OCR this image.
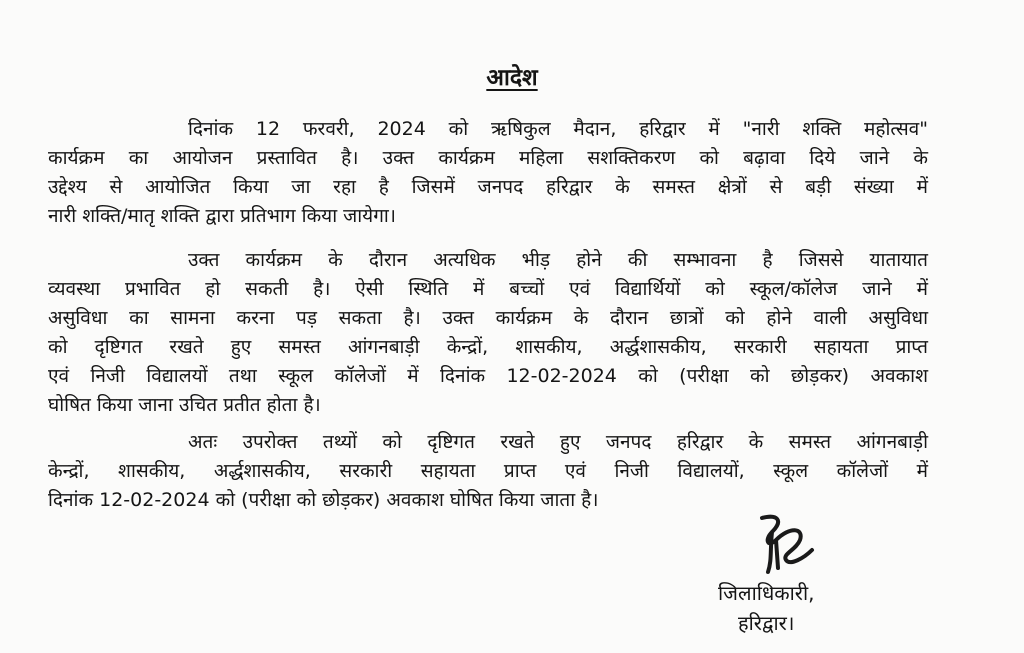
आदेश
दिनांक 12 फरवरी, 2024 को ऋषिकुल मैदान, हरिद्वार में "नारी शक्ति महोत्सव"
कार्यक्रम का आयोजन प्रस्तावित है। उक्त कार्यक्रम महिला सशक्तिकरण को बढ़ावा दिये जाने के
उद्देश्य से आयोजित किया जा रहा है जिसमें जनपद हरिद्वार के समस्त क्षेत्रों से बड़ी संख्या में
नारी शक्ति/मातृ शक्ति द्वारा प्रतिभाग किया जायेगा।
उक्त कार्यक्रम के दौरान अत्यधिक भीड़ होने की सम्भावना है जिससे यातायात
व्यवस्था प्रभावित हो सकती है। ऐसी स्थिति में बच्चों एवं विद्यार्थियों को स्कूल/कॉलेज जाने में
असुविधा का सामना करना पड़ सकता है। उक्त कार्यक्रम के दौरान छात्रों को होने वाली असुविधा
को दृष्टिगत रखते हुए समस्त आंगनबाड़ी केन्द्रों, शासकीय, अर्द्धशासकीय, सरकारी सहायता प्राप्त
एवं निजी विद्यालयों तथा स्कूल कॉलेजों में दिनांक 12-02-2024 को (परीक्षा को छोड़कर) अवकाश
घोषित किया जाना उचित प्रतीत होता है।
अतः उपरोक्त तथ्यों को दृष्टिगत रखते हुए जनपद हरिद्वार के समस्त आंगनबाड़ी
केन्द्रों, शासकीय, अर्द्धशासकीय, सरकारी सहायता प्राप्त एवं निजी विद्यालयों, स्कूल कॉलेजों में
दिनांक 12-02-2024 को (परीक्षा को छोड़कर) अवकाश घोषित किया जाता है।
जिलाधिकारी,
हरिद्वार।
